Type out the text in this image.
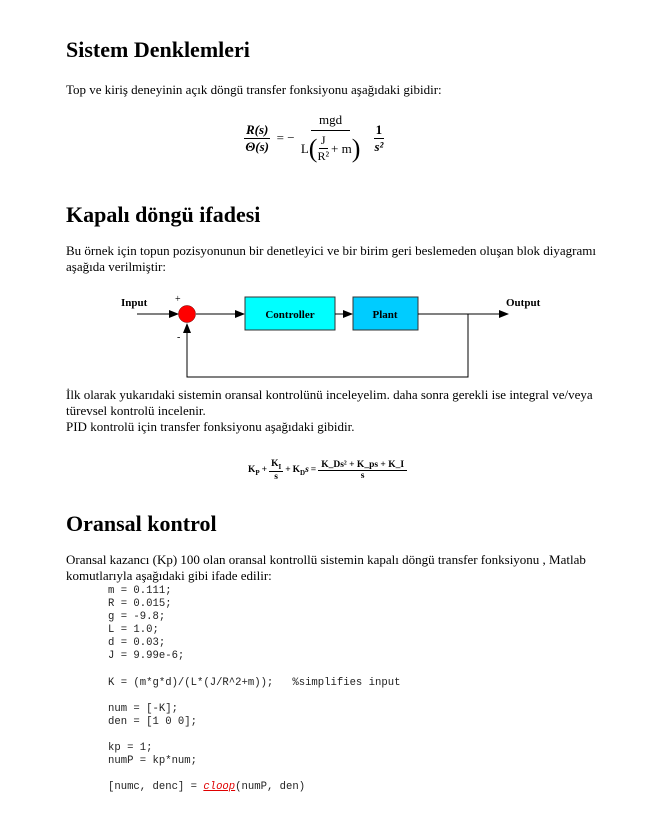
Sistem Denklemleri
Top ve kiriş deneyinin açık döngü transfer fonksiyonu aşağıdaki gibidir:
$\frac{R(s)}{\Theta(s)}$ = −
mgd
L ( $\frac{J}{\text{R²}} + m$ )
$\frac{1}{\text{s²}}$
Kapalı döngü ifadesi
Bu örnek için topun pozisyonunun bir denetleyici ve bir birim geri beslemeden oluşan blok diyagramı aşağıda verilmiştir:
Input	+
-
Controller	Plant
Output
İlk olarak yukarıdaki sistemin oransal kontrolünü inceleyelim. daha sonra gerekli ise integral ve/veya türevsel kontrolü incelenir.
PID kontrolü için transfer fonksiyonu aşağıdaki gibidir.
$K_P + \frac{K_I}{s} + K_Ds = \frac{\text{K\_Ds² + K\_ps + K\_I}}{s}$
Oransal kontrol
Oransal kazancı (Kp) 100 olan oransal kontrollü sistemin kapalı döngü transfer fonksiyonu , Matlab komutlarıyla aşağıdaki gibi ifade edilir:
m = 0.111;
R = 0.015;
g = -9.8;
L = 1.0;
d = 0.03;
J = 9.99e-6;
K = (m*g*d)/(L*(J/R^2+m));   %simplifies input
num = [-K];
den = [1 0 0];
kp = 1;
numP = kp*num;
[numc, denc] = cloop(numP, den)
